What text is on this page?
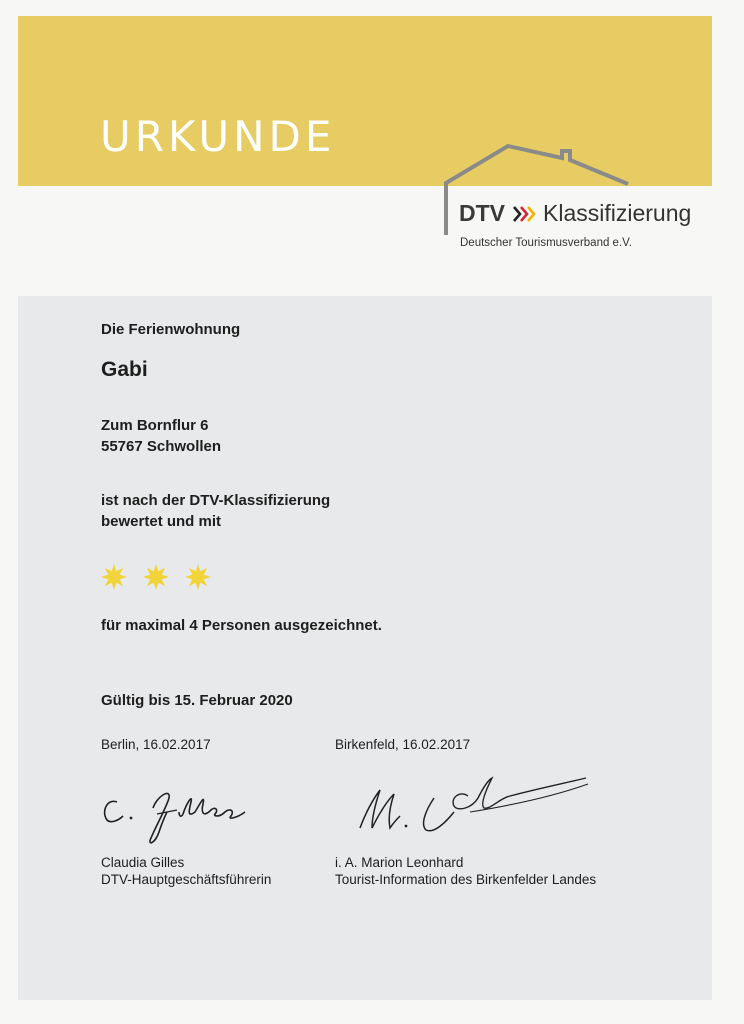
URKUNDE
DTV Klassifizierung
Deutscher Tourismusverband e.V.
Die Ferienwohnung
Gabi
Zum Bornflur 6
55767 Schwollen
ist nach der DTV-Klassifizierung
bewertet und mit
für maximal 4 Personen ausgezeichnet.
Gültig bis 15. Februar 2020
Berlin, 16.02.2017	Birkenfeld, 16.02.2017
Claudia Gilles
DTV-Hauptgeschäftsführerin
i. A. Marion Leonhard
Tourist-Information des Birkenfelder Landes
